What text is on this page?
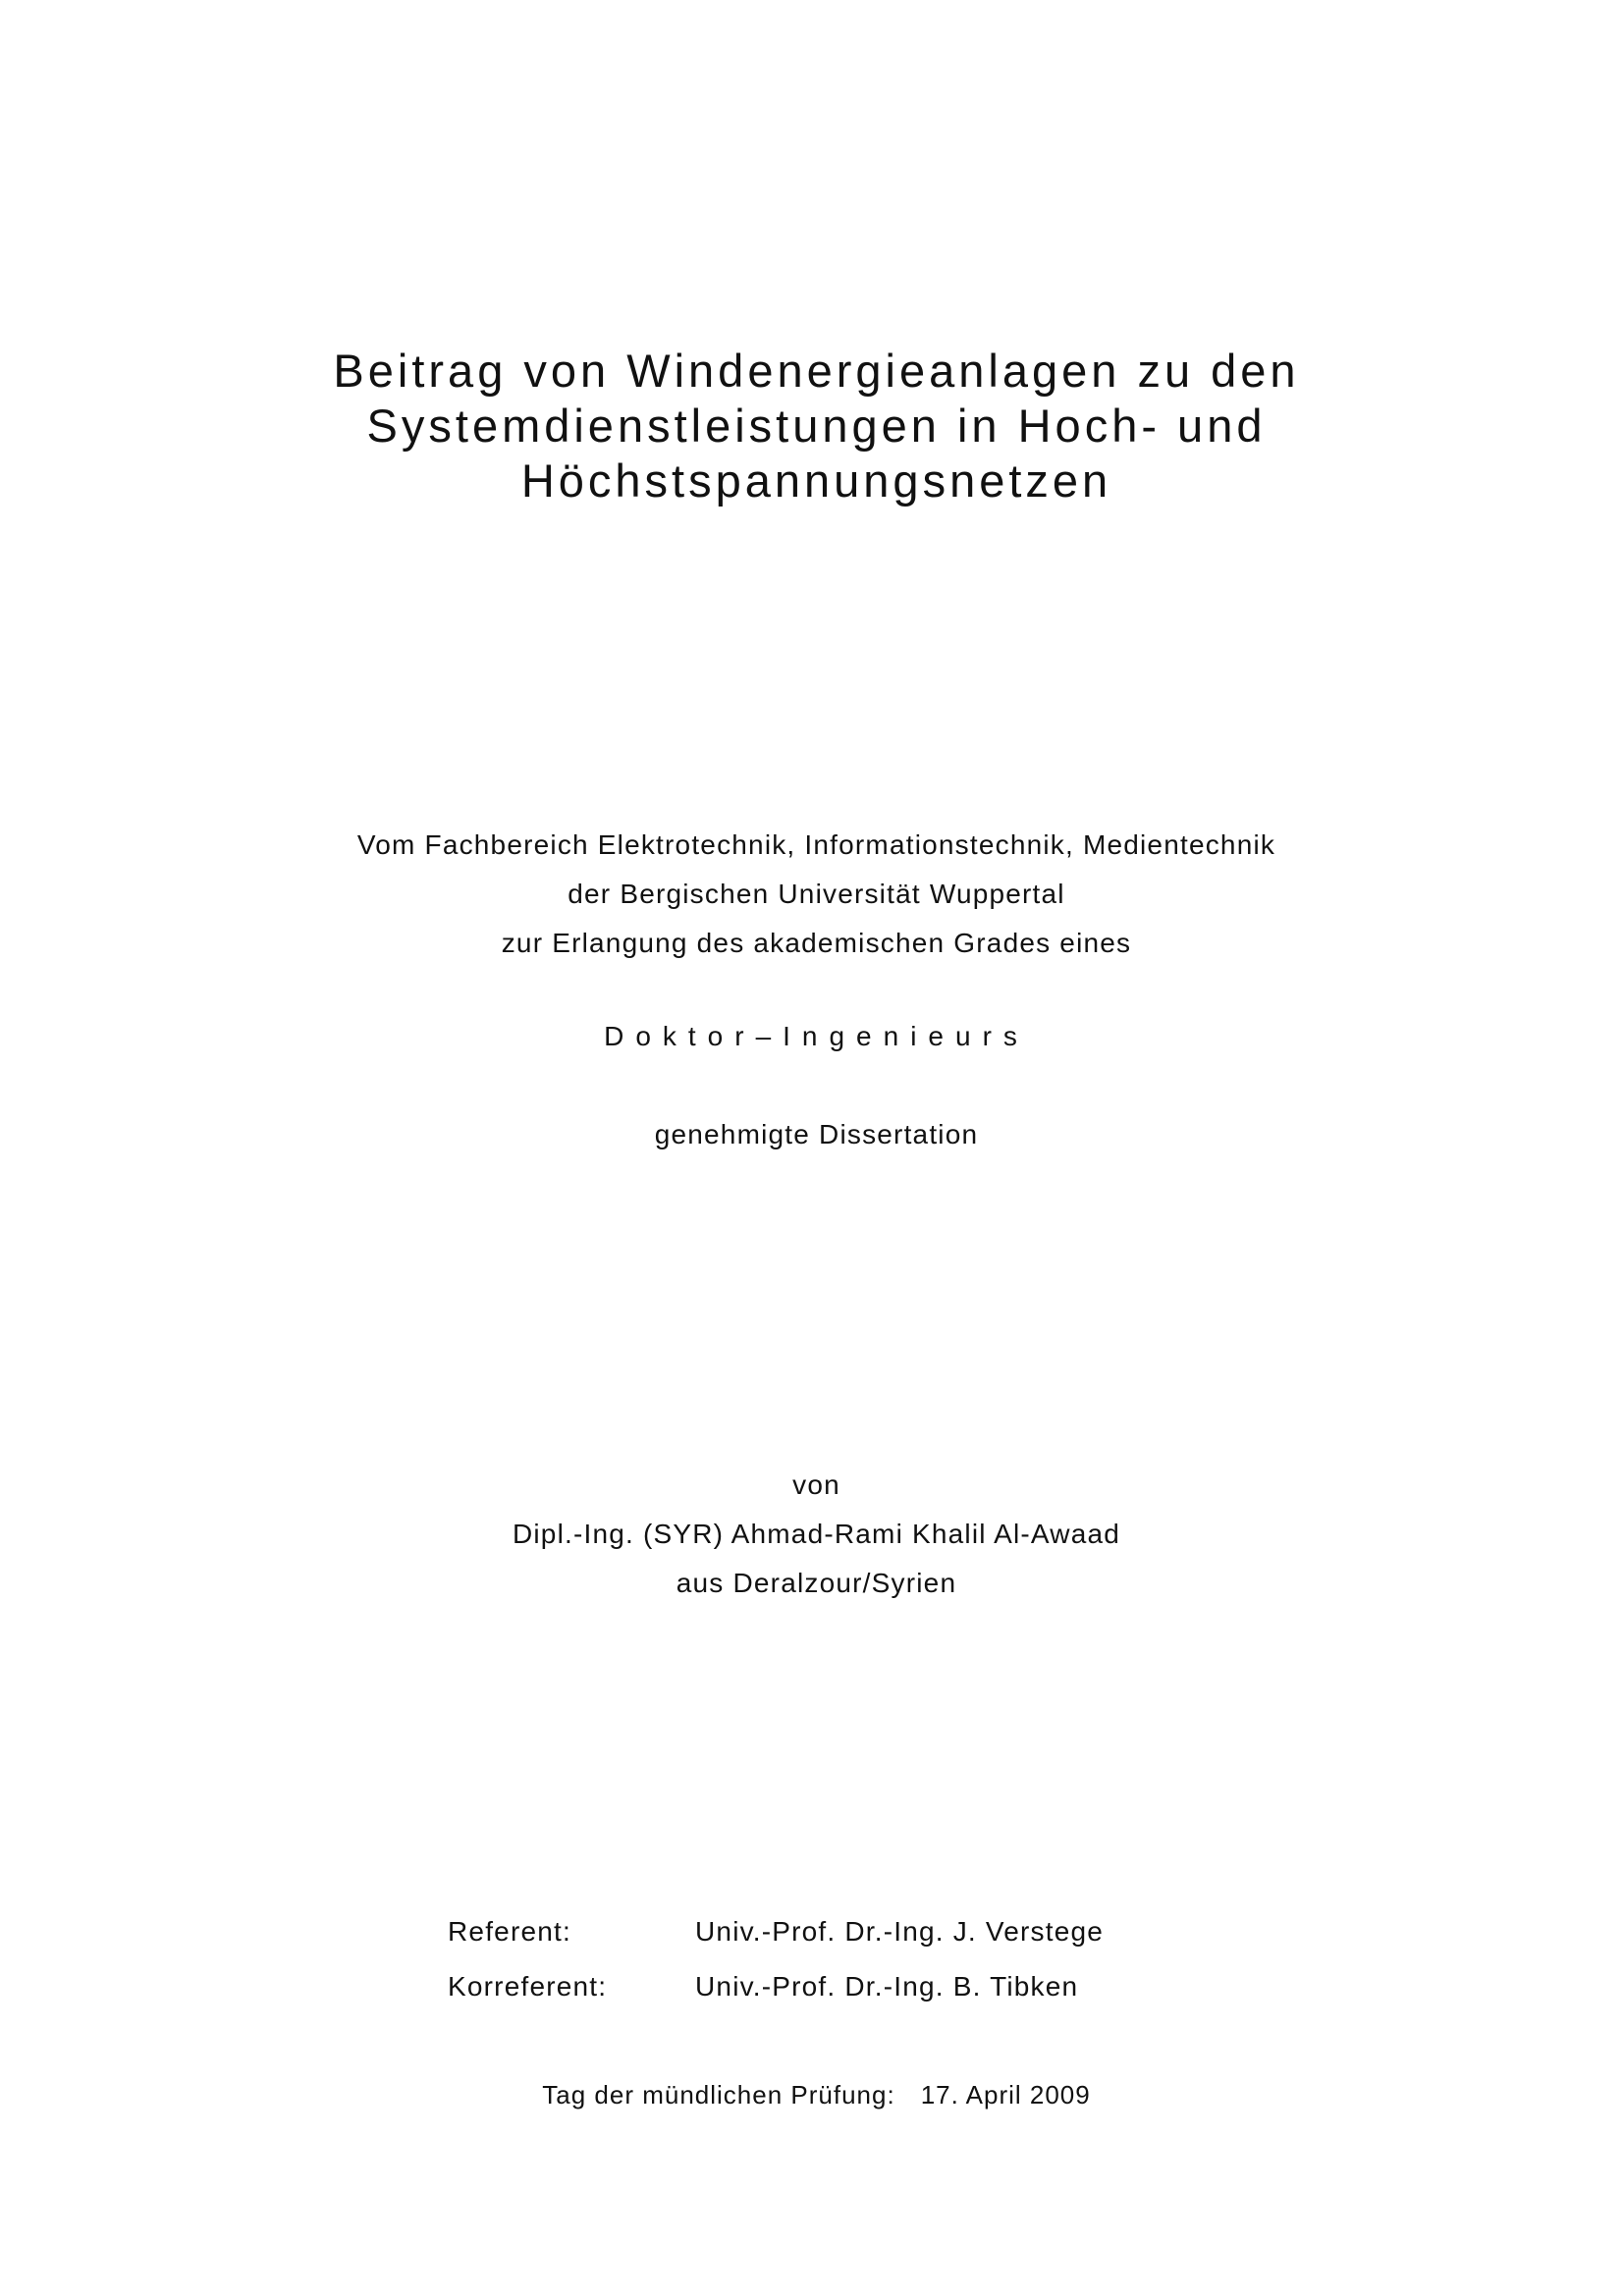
Beitrag von Windenergieanlagen zu den
Systemdienstleistungen in Hoch- und
Höchstspannungsnetzen
Vom Fachbereich Elektrotechnik, Informationstechnik, Medientechnik
der Bergischen Universität Wuppertal
zur Erlangung des akademischen Grades eines
Doktor–Ingenieurs
genehmigte Dissertation
von
Dipl.-Ing. (SYR) Ahmad-Rami Khalil Al-Awaad
aus Deralzour/Syrien
Referent:	Univ.-Prof. Dr.-Ing. J. Verstege
Korreferent:	Univ.-Prof. Dr.-Ing. B. Tibken
Tag der mündlichen Prüfung: 17. April 2009
